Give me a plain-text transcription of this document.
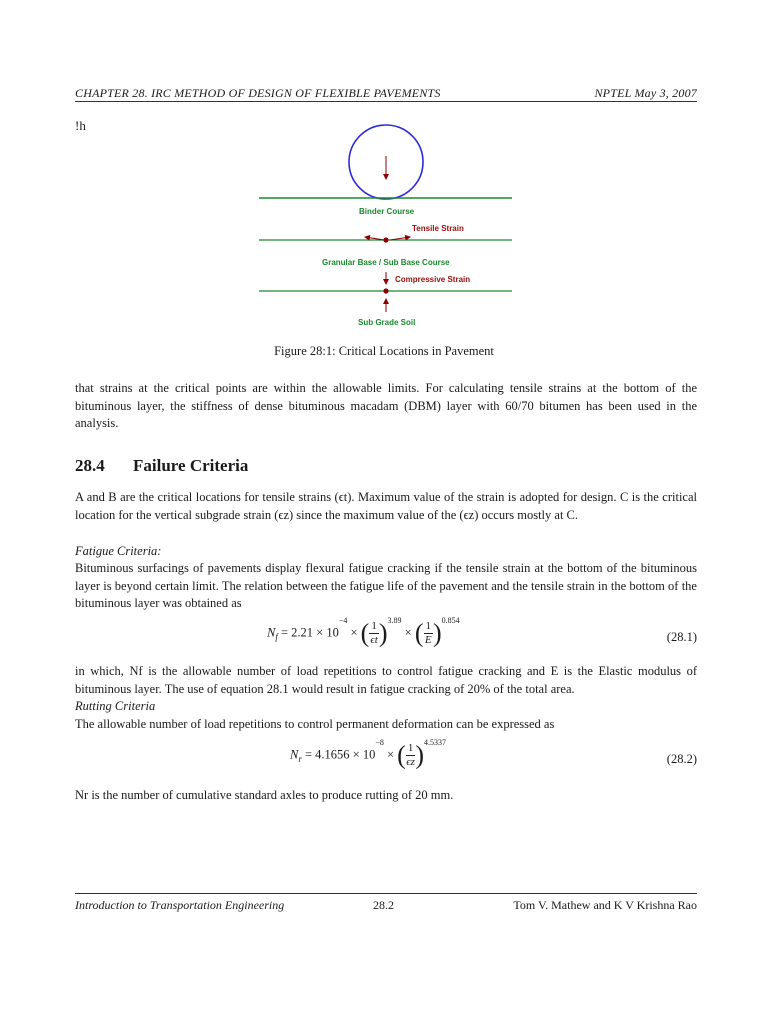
CHAPTER 28. IRC METHOD OF DESIGN OF FLEXIBLE PAVEMENTS	NPTEL May 3, 2007
!h
Binder Course
Tensile Strain
Granular Base / Sub Base Course
Compressive Strain
Sub Grade Soil
Figure 28:1: Critical Locations in Pavement
that strains at the critical points are within the allowable limits. For calculating tensile strains at the bottom of the bituminous layer, the stiffness of dense bituminous macadam (DBM) layer with 60/70 bitumen has been used in the analysis.
28.4 Failure Criteria
A and B are the critical locations for tensile strains (ϵt). Maximum value of the strain is adopted for design. C is the critical location for the vertical subgrade strain (ϵz) since the maximum value of the (ϵz) occurs mostly at C.
Fatigue Criteria:
Bituminous surfacings of pavements display flexural fatigue cracking if the tensile strain at the bottom of the bituminous layer is beyond certain limit. The relation between the fatigue life of the pavement and the tensile strain in the bottom of the bituminous layer was obtained as
$N_f = 2.21 \times 10^{-4}$ × ( $\frac{1}{\epsilon t} )^{3.89}$ × ( $\frac{1}{E} )^{0.854}$
(28.1)
in which, Nf is the allowable number of load repetitions to control fatigue cracking and E is the Elastic modulus of bituminous layer. The use of equation 28.1 would result in fatigue cracking of 20% of the total area.
Rutting Criteria
The allowable number of load repetitions to control permanent deformation can be expressed as
$N_r = 4.1656 \times 10^{-8}$ × ( $\frac{1}{\epsilon z} )^{4.5337}$
(28.2)
Nr is the number of cumulative standard axles to produce rutting of 20 mm.
Introduction to Transportation Engineering	28.2	Tom V. Mathew and K V Krishna Rao
